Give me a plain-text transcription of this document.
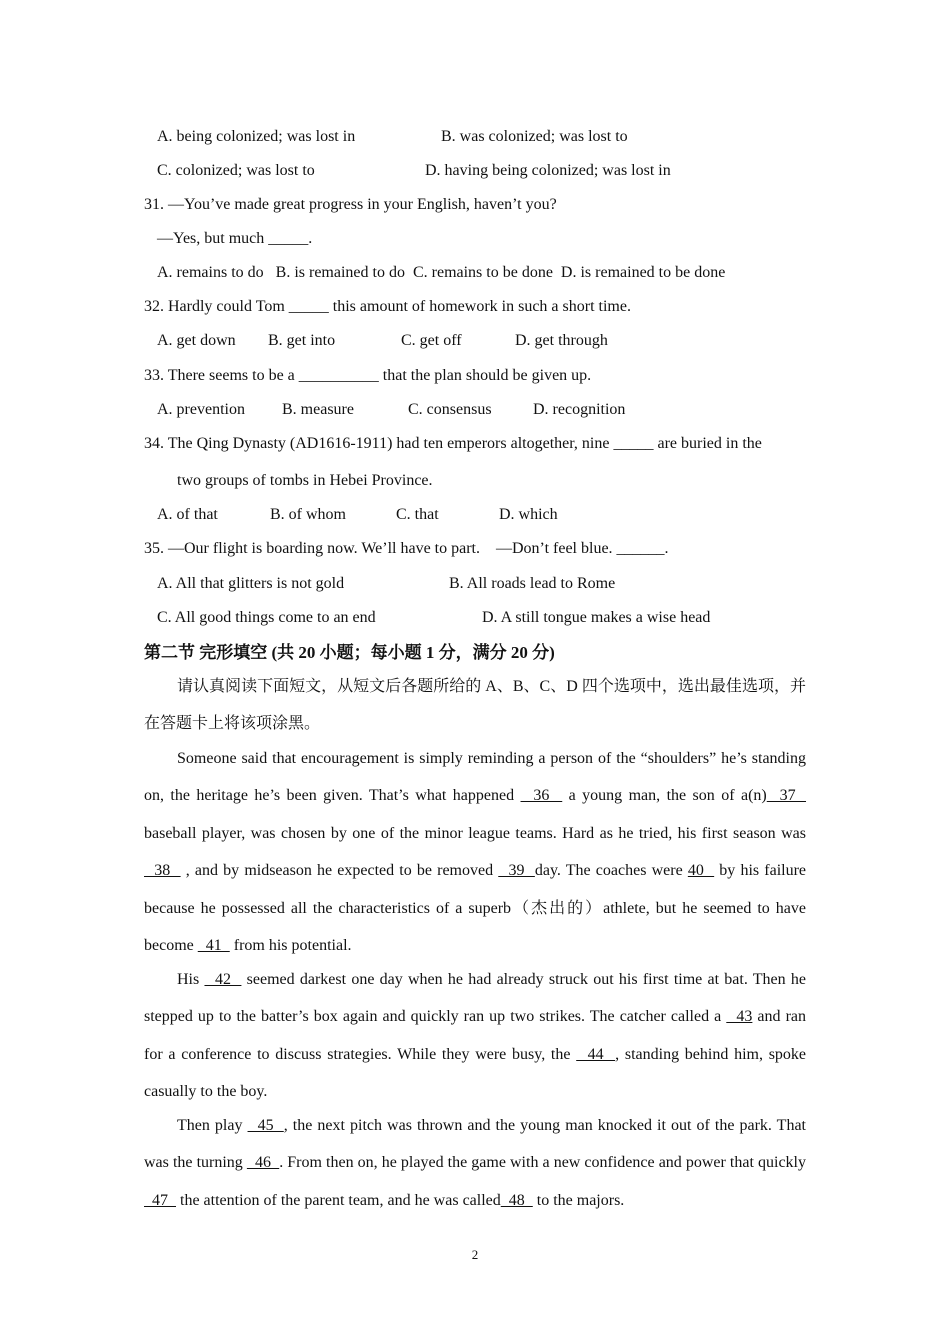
A. being colonized; was lost in	B. was colonized; was lost to
C. colonized; was lost to	D. having being colonized; was lost in
31. —You’ve made great progress in your English, haven’t you?
—Yes, but much _____.
A. remains to do   B. is remained to do  C. remains to be done  D. is remained to be done
32. Hardly could Tom _____ this amount of homework in such a short time.
A. get down B. get into	C. get off	D. get through
33. There seems to be a __________ that the plan should be given up.
A. prevention B. measure	C. consensus	D. recognition
34. The Qing Dynasty (AD1616-1911) had ten emperors altogether, nine _____ are buried in the
two groups of tombs in Hebei Province.
A. of that	B. of whom	C. that	D. which
35. —Our flight is boarding now. We’ll have to part.    —Don’t feel blue. ______.
A. All that glitters is not gold	B. All roads lead to Rome
C. All good things come to an end	D. A still tongue makes a wise head
第二节 完形填空 (共 20 小题；每小题 1 分，满分 20 分)

请认真阅读下面短文，从短文后各题所给的 A、B、C、D 四个选项中，选出最佳选项，并在答题卡上将该项涂黑。

Someone said that encouragement is simply reminding a person of the “shoulders” he’s standing on, the heritage he’s been given. That’s what happened   36   a young man, the son of a(n)  37   baseball player, was chosen by one of the minor league teams. Hard as he tried, his first season was   38   , and by midseason he expected to be removed   39  day. The coaches were 40   by his failure because he possessed all the characteristics of a superb（杰出的）athlete, but he seemed to have become   41   from his potential.

His   42   seemed darkest one day when he had already struck out his first time at bat. Then he stepped up to the batter’s box again and quickly ran up two strikes. The catcher called a   43 and ran for a conference to discuss strategies. While they were busy, the   44  , standing behind him, spoke casually to the boy.

Then play   45  , the next pitch was thrown and the young man knocked it out of the park. That was the turning   46  . From then on, he played the game with a new confidence and power that quickly   47   the attention of the parent team, and he was called  48   to the majors.

2
